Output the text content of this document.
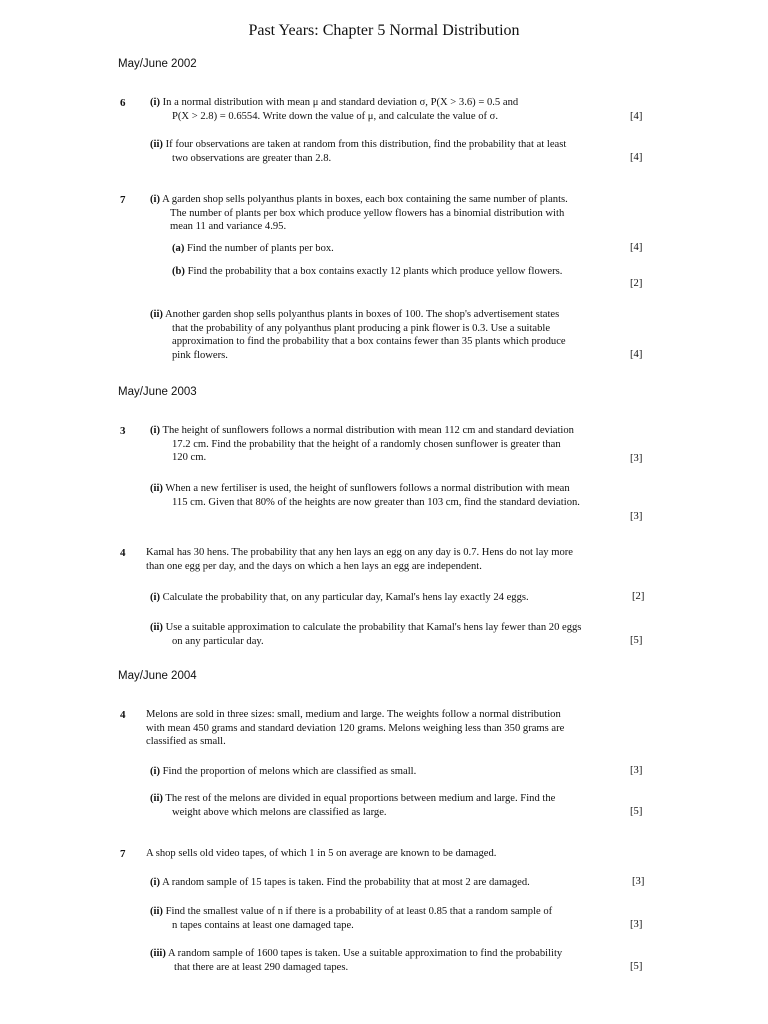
Past Years: Chapter 5 Normal Distribution
May/June 2002
6 (i) In a normal distribution with mean μ and standard deviation σ, P(X > 3.6) = 0.5 and
P(X > 2.8) = 0.6554. Write down the value of μ, and calculate the value of σ.	[4]
(ii) If four observations are taken at random from this distribution, find the probability that at least
two observations are greater than 2.8.	[4]
7 (i) A garden shop sells polyanthus plants in boxes, each box containing the same number of plants.
The number of plants per box which produce yellow flowers has a binomial distribution with
mean 11 and variance 4.95.
(a) Find the number of plants per box.	[4]
(b) Find the probability that a box contains exactly 12 plants which produce yellow flowers.
[2]
(ii) Another garden shop sells polyanthus plants in boxes of 100. The shop's advertisement states
that the probability of any polyanthus plant producing a pink flower is 0.3. Use a suitable
approximation to find the probability that a box contains fewer than 35 plants which produce
pink flowers.	[4]
May/June 2003
3 (i) The height of sunflowers follows a normal distribution with mean 112 cm and standard deviation
17.2 cm. Find the probability that the height of a randomly chosen sunflower is greater than
120 cm.	[3]
(ii) When a new fertiliser is used, the height of sunflowers follows a normal distribution with mean
115 cm. Given that 80% of the heights are now greater than 103 cm, find the standard deviation.
[3]
4 Kamal has 30 hens. The probability that any hen lays an egg on any day is 0.7. Hens do not lay more
than one egg per day, and the days on which a hen lays an egg are independent.
(i) Calculate the probability that, on any particular day, Kamal's hens lay exactly 24 eggs.	[2]
(ii) Use a suitable approximation to calculate the probability that Kamal's hens lay fewer than 20 eggs
on any particular day.	[5]
May/June 2004
4 Melons are sold in three sizes: small, medium and large. The weights follow a normal distribution
with mean 450 grams and standard deviation 120 grams. Melons weighing less than 350 grams are
classified as small.
(i) Find the proportion of melons which are classified as small.	[3]
(ii) The rest of the melons are divided in equal proportions between medium and large. Find the
weight above which melons are classified as large.	[5]
7 A shop sells old video tapes, of which 1 in 5 on average are known to be damaged.
(i) A random sample of 15 tapes is taken. Find the probability that at most 2 are damaged.	[3]
(ii) Find the smallest value of n if there is a probability of at least 0.85 that a random sample of
n tapes contains at least one damaged tape.	[3]
(iii) A random sample of 1600 tapes is taken. Use a suitable approximation to find the probability
that there are at least 290 damaged tapes.	[5]
